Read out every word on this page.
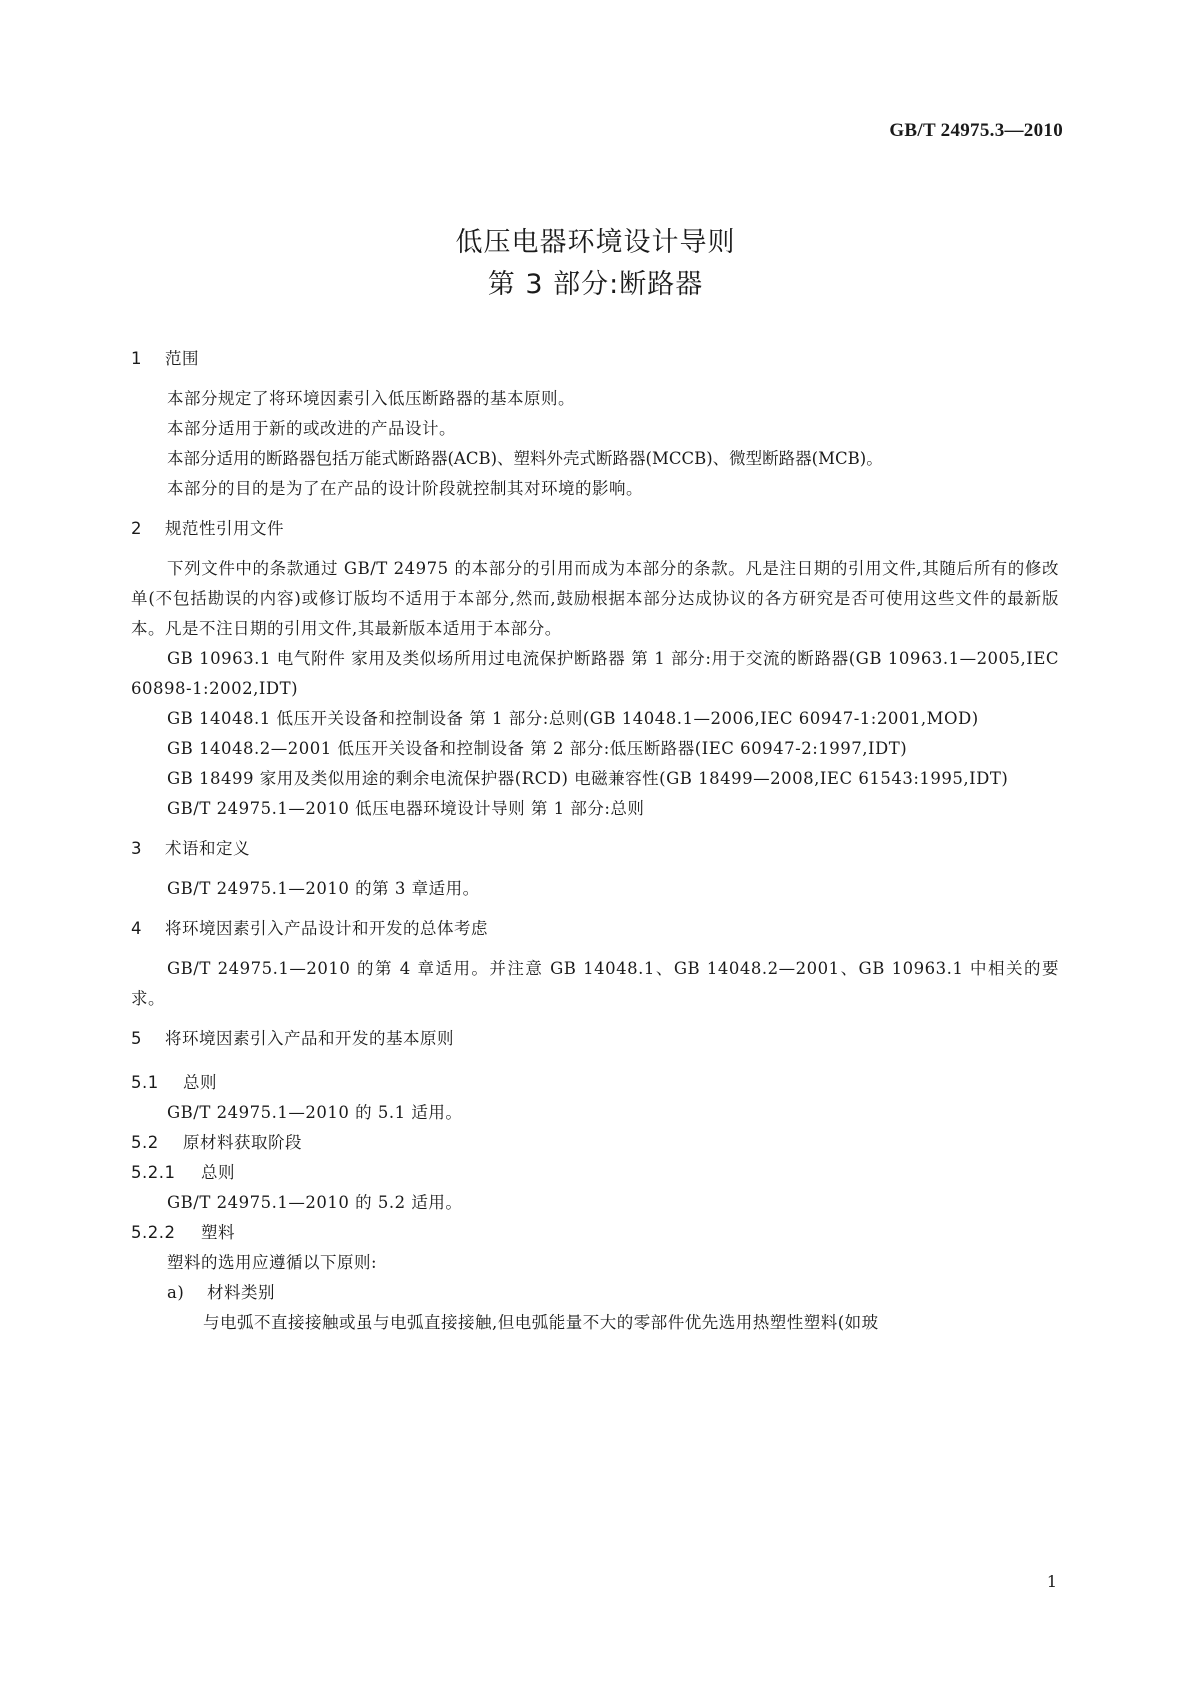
GB/T 24975.3—2010
低压电器环境设计导则
第 3 部分:断路器
1 范围

本部分规定了将环境因素引入低压断路器的基本原则。

本部分适用于新的或改进的产品设计。

本部分适用的断路器包括万能式断路器(ACB)、塑料外壳式断路器(MCCB)、微型断路器(MCB)。

本部分的目的是为了在产品的设计阶段就控制其对环境的影响。

2 规范性引用文件

下列文件中的条款通过 GB/T 24975 的本部分的引用而成为本部分的条款。凡是注日期的引用文件,其随后所有的修改单(不包括勘误的内容)或修订版均不适用于本部分,然而,鼓励根据本部分达成协议的各方研究是否可使用这些文件的最新版本。凡是不注日期的引用文件,其最新版本适用于本部分。

GB 10963.1 电气附件 家用及类似场所用过电流保护断路器 第 1 部分:用于交流的断路器(GB 10963.1—2005,IEC 60898-1:2002,IDT)

GB 14048.1 低压开关设备和控制设备 第 1 部分:总则(GB 14048.1—2006,IEC 60947-1:2001,MOD)

GB 14048.2—2001 低压开关设备和控制设备 第 2 部分:低压断路器(IEC 60947-2:1997,IDT)

GB 18499 家用及类似用途的剩余电流保护器(RCD) 电磁兼容性(GB 18499—2008,IEC 61543:1995,IDT)

GB/T 24975.1—2010 低压电器环境设计导则 第 1 部分:总则

3 术语和定义

GB/T 24975.1—2010 的第 3 章适用。

4 将环境因素引入产品设计和开发的总体考虑

GB/T 24975.1—2010 的第 4 章适用。并注意 GB 14048.1、GB 14048.2—2001、GB 10963.1 中相关的要求。

5 将环境因素引入产品和开发的基本原则
5.1 总则

GB/T 24975.1—2010 的 5.1 适用。

5.2 原材料获取阶段
5.2.1 总则

GB/T 24975.1—2010 的 5.2 适用。

5.2.2 塑料

塑料的选用应遵循以下原则:

a) 材料类别
与电弧不直接接触或虽与电弧直接接触,但电弧能量不大的零部件优先选用热塑性塑料(如玻
1
